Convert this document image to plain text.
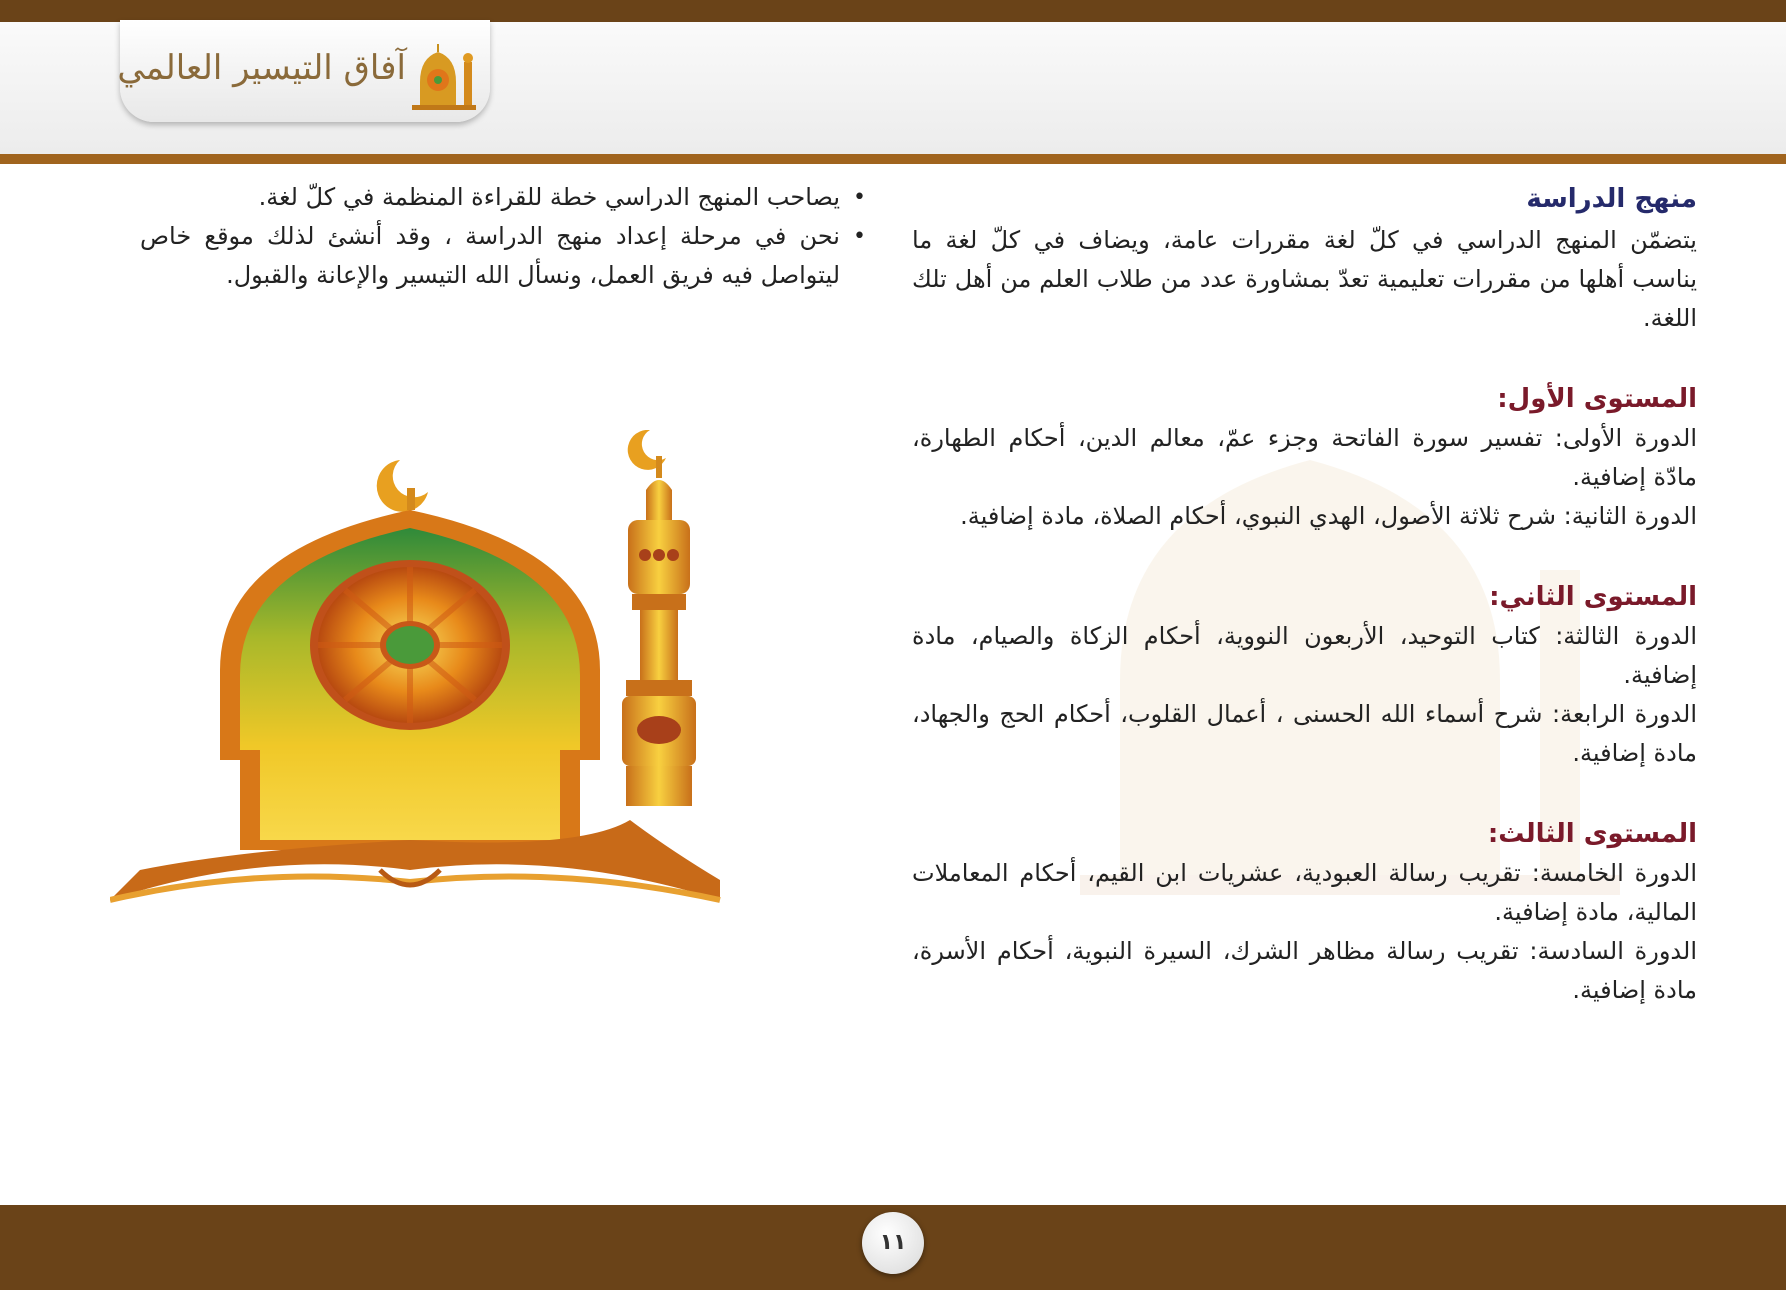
آفاق التيسير العالمي
منهج الدراسة

يتضمّن المنهج الدراسي في كلّ لغة مقررات عامة، ويضاف في كلّ لغة ما يناسب أهلها من مقررات تعليمية تعدّ بمشاورة عدد من طلاب العلم من أهل تلك اللغة.

المستوى الأول:

الدورة الأولى: تفسير سورة الفاتحة وجزء عمّ، معالم الدين، أحكام الطهارة، مادّة إضافية.

الدورة الثانية: شرح ثلاثة الأصول، الهدي النبوي، أحكام الصلاة، مادة إضافية.

المستوى الثاني:

الدورة الثالثة: كتاب التوحيد، الأربعون النووية، أحكام الزكاة والصيام، مادة إضافية.

الدورة الرابعة: شرح أسماء الله الحسنى ، أعمال القلوب، أحكام الحج والجهاد، مادة إضافية.

المستوى الثالث:

الدورة الخامسة: تقريب رسالة العبودية، عشريات ابن القيم، أحكام المعاملات المالية، مادة إضافية.

الدورة السادسة: تقريب رسالة مظاهر الشرك، السيرة النبوية، أحكام الأسرة، مادة إضافية.

•
يصاحب المنهج الدراسي خطة للقراءة المنظمة في كلّ لغة.
•
نحن في مرحلة إعداد منهج الدراسة ، وقد أنشئ لذلك موقع خاص ليتواصل فيه فريق العمل، ونسأل الله التيسير والإعانة والقبول.
١١
